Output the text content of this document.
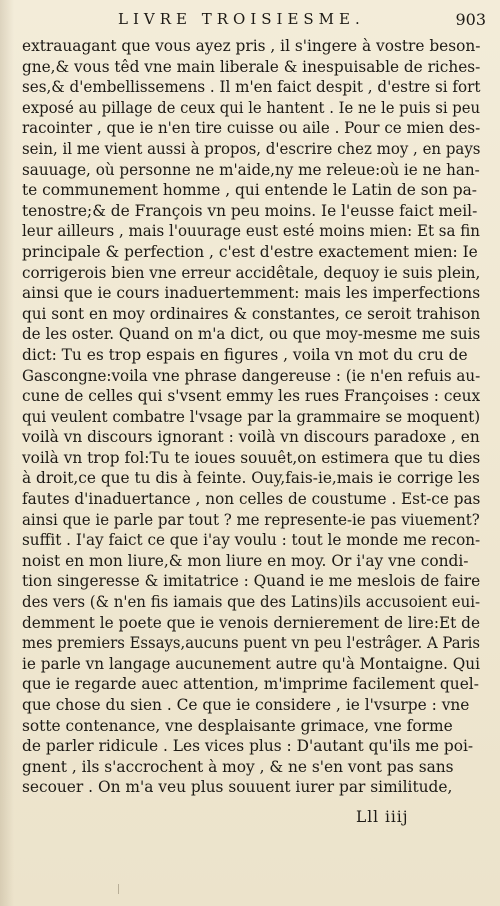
LIVRE TROISIESME.	903
extrauagant que vous ayez pris , il s'ingere à vostre beson-
gne,& vous têd vne main liberale & inespuisable de riches-
ses,& d'embellissemens . Il m'en faict despit , d'estre si fort
exposé au pillage de ceux qui le hantent . Ie ne le puis si peu
racointer , que ie n'en tire cuisse ou aile . Pour ce mien des-
sein, il me vient aussi à propos, d'escrire chez moy , en pays
sauuage, où personne ne m'aide,ny me releue:où ie ne han-
te communement homme , qui entende le Latin de son pa-
tenostre;& de François vn peu moins. Ie l'eusse faict meil-
leur ailleurs , mais l'ouurage eust esté moins mien: Et sa fin
principale & perfection , c'est d'estre exactement mien: Ie
corrigerois bien vne erreur accidêtale, dequoy ie suis plein,
ainsi que ie cours inaduertemment: mais les imperfections
qui sont en moy ordinaires & constantes, ce seroit trahison
de les oster. Quand on m'a dict, ou que moy-mesme me suis
dict: Tu es trop espais en figures , voila vn mot du cru de
Gascongne:voila vne phrase dangereuse : (ie n'en refuis au-
cune de celles qui s'vsent emmy les rues Françoises : ceux
qui veulent combatre l'vsage par la grammaire se moquent)
voilà vn discours ignorant : voilà vn discours paradoxe , en
voilà vn trop fol:Tu te ioues souuêt,on estimera que tu dies
à droit,ce que tu dis à feinte. Ouy,fais-ie,mais ie corrige les
fautes d'inaduertance , non celles de coustume . Est-ce pas
ainsi que ie parle par tout ? me represente-ie pas viuement?
suffit . I'ay faict ce que i'ay voulu : tout le monde me recon-
noist en mon liure,& mon liure en moy. Or i'ay vne condi-
tion singeresse & imitatrice : Quand ie me meslois de faire
des vers (& n'en fis iamais que des Latins)ils accusoient eui-
demment le poete que ie venois dernierement de lire:Et de
mes premiers Essays,aucuns puent vn peu l'estrâger. A Paris
ie parle vn langage aucunement autre qu'à Montaigne. Qui
que ie regarde auec attention, m'imprime facilement quel-
que chose du sien . Ce que ie considere , ie l'vsurpe : vne
sotte contenance, vne desplaisante grimace, vne forme
de parler ridicule . Les vices plus : D'autant qu'ils me poi-
gnent , ils s'accrochent à moy , & ne s'en vont pas sans
secouer . On m'a veu plus souuent iurer par similitude,
Lll iiij
